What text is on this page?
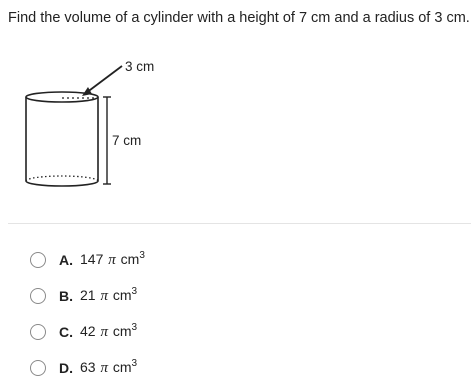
Find the volume of a cylinder with a height of 7 cm and a radius of 3 cm.
3 cm
7 cm
A. 147 π $cm^3$
B. 21 π $cm^3$
C. 42 π $cm^3$
D. 63 π $cm^3$
